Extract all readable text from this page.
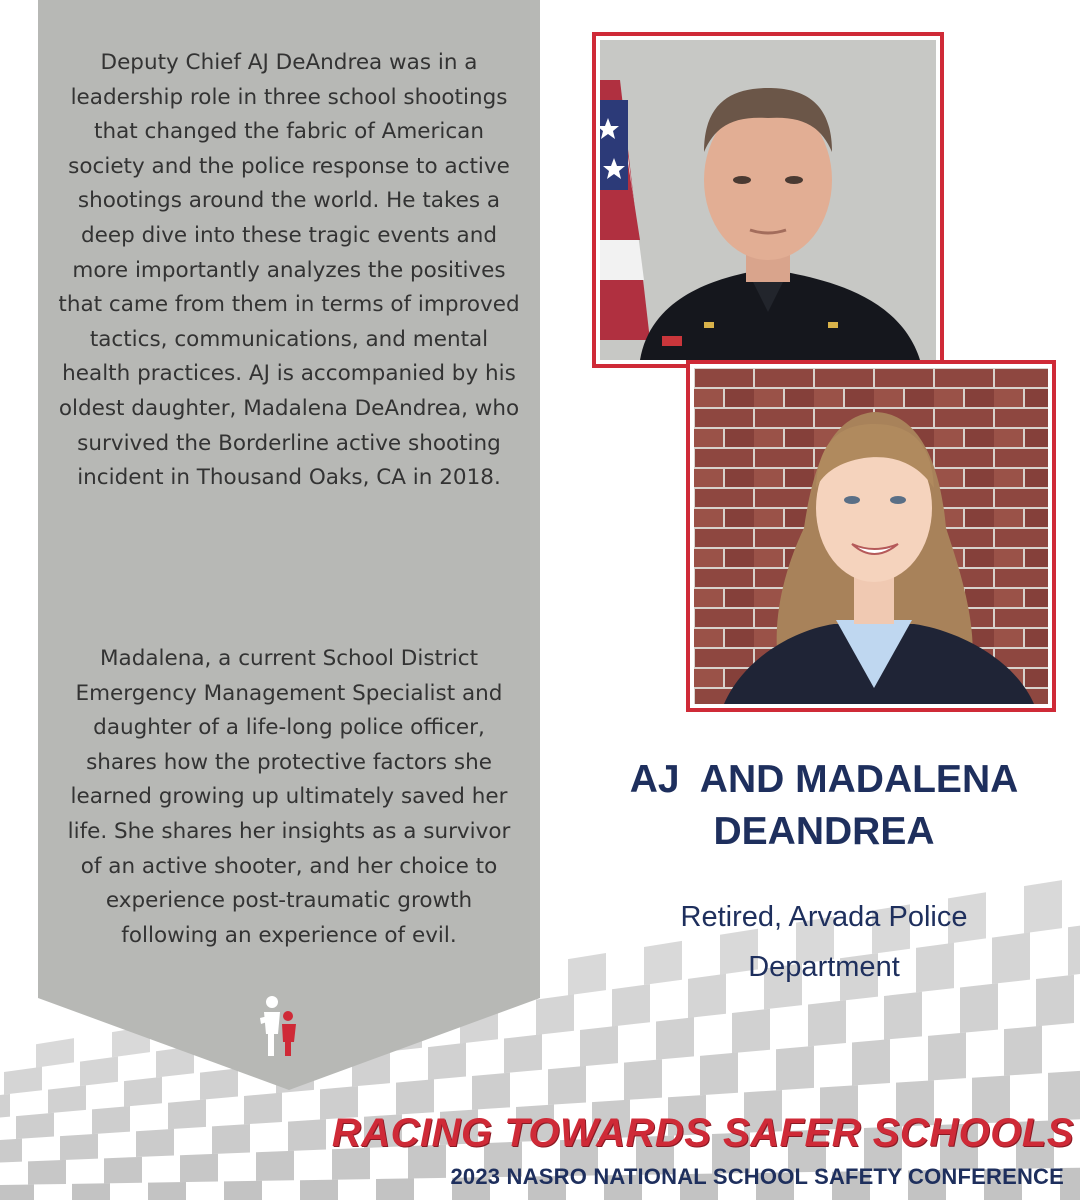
Deputy Chief AJ DeAndrea was in a leadership role in three school shootings that changed the fabric of American society and the police response to active shootings around the world. He takes a deep dive into these tragic events and more importantly analyzes the positives that came from them in terms of improved tactics, communications, and mental health practices. AJ is accompanied by his oldest daughter, Madalena DeAndrea, who survived the Borderline active shooting incident in Thousand Oaks, CA in 2018.

Madalena, a current School District Emergency Management Specialist and daughter of a life-long police officer, shares how the protective factors she learned growing up ultimately saved her life. She shares her insights as a survivor of an active shooter, and her choice to experience post-traumatic growth following an experience of evil.

AJ  AND MADALENA
DEANDREA

Retired, Arvada Police
Department

RACING TOWARDS SAFER SCHOOLS

2023 NASRO NATIONAL SCHOOL SAFETY CONFERENCE
